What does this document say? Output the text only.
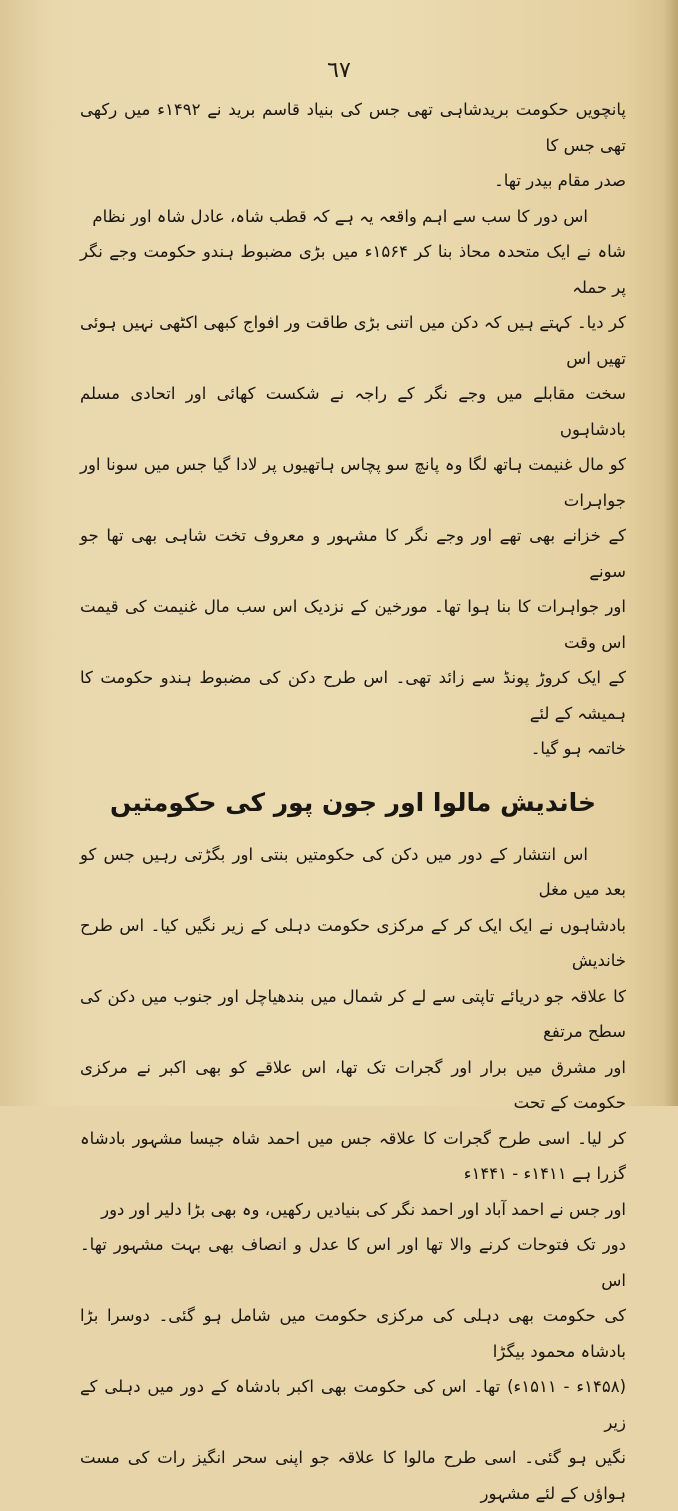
٦٧

پانچویں حکومت بریدشاہی تھی جس کی بنیاد قاسم برید نے ۱۴۹۲ء میں رکھی تھی جس کا
صدر مقام بیدر تھا۔

اس دور کا سب سے اہم واقعہ یہ ہے کہ قطب شاہ، عادل شاہ اور نظام
شاہ نے ایک متحدہ محاذ بنا کر ۱۵۶۴ء میں بڑی مضبوط ہندو حکومت وجے نگر پر حملہ
کر دیا۔ کہتے ہیں کہ دکن میں اتنی بڑی طاقت ور افواج کبھی اکٹھی نہیں ہوئی تھیں اس
سخت مقابلے میں وجے نگر کے راجہ نے شکست کھائی اور اتحادی مسلم بادشاہوں
کو مال غنیمت ہاتھ لگا وہ پانچ سو پچاس ہاتھیوں پر لادا گیا جس میں سونا اور جواہرات
کے خزانے بھی تھے اور وجے نگر کا مشہور و معروف تخت شاہی بھی تھا جو سونے
اور جواہرات کا بنا ہوا تھا۔ مورخین کے نزدیک اس سب مال غنیمت کی قیمت اس وقت
کے ایک کروڑ پونڈ سے زائد تھی۔ اس طرح دکن کی مضبوط ہندو حکومت کا ہمیشہ کے لئے
خاتمہ ہو گیا۔

خاندیش مالوا اور جون پور کی حکومتیں

اس انتشار کے دور میں دکن کی حکومتیں بنتی اور بگڑتی رہیں جس کو بعد میں مغل
بادشاہوں نے ایک ایک کر کے مرکزی حکومت دہلی کے زیر نگیں کیا۔ اس طرح خاندیش
کا علاقہ جو دریائے تاپتی سے لے کر شمال میں بندھیاچل اور جنوب میں دکن کی سطح مرتفع
اور مشرق میں برار اور گجرات تک تھا، اس علاقے کو بھی اکبر نے مرکزی حکومت کے تحت
کر لیا۔ اسی طرح گجرات کا علاقہ جس میں احمد شاہ جیسا مشہور بادشاہ گزرا ہے ۱۴۱۱ء - ۱۴۴۱ء
اور جس نے احمد آباد اور احمد نگر کی بنیادیں رکھیں، وہ بھی بڑا دلیر اور دور
دور تک فتوحات کرنے والا تھا اور اس کا عدل و انصاف بھی بہت مشہور تھا۔ اس
کی حکومت بھی دہلی کی مرکزی حکومت میں شامل ہو گئی۔ دوسرا بڑا بادشاہ محمود بیگڑا
(۱۴۵۸ء - ۱۵۱۱ء) تھا۔ اس کی حکومت بھی اکبر بادشاہ کے دور میں دہلی کے زیر
نگیں ہو گئی۔ اسی طرح مالوا کا علاقہ جو اپنی سحر انگیز رات کی مست ہواؤں کے لئے مشہور
